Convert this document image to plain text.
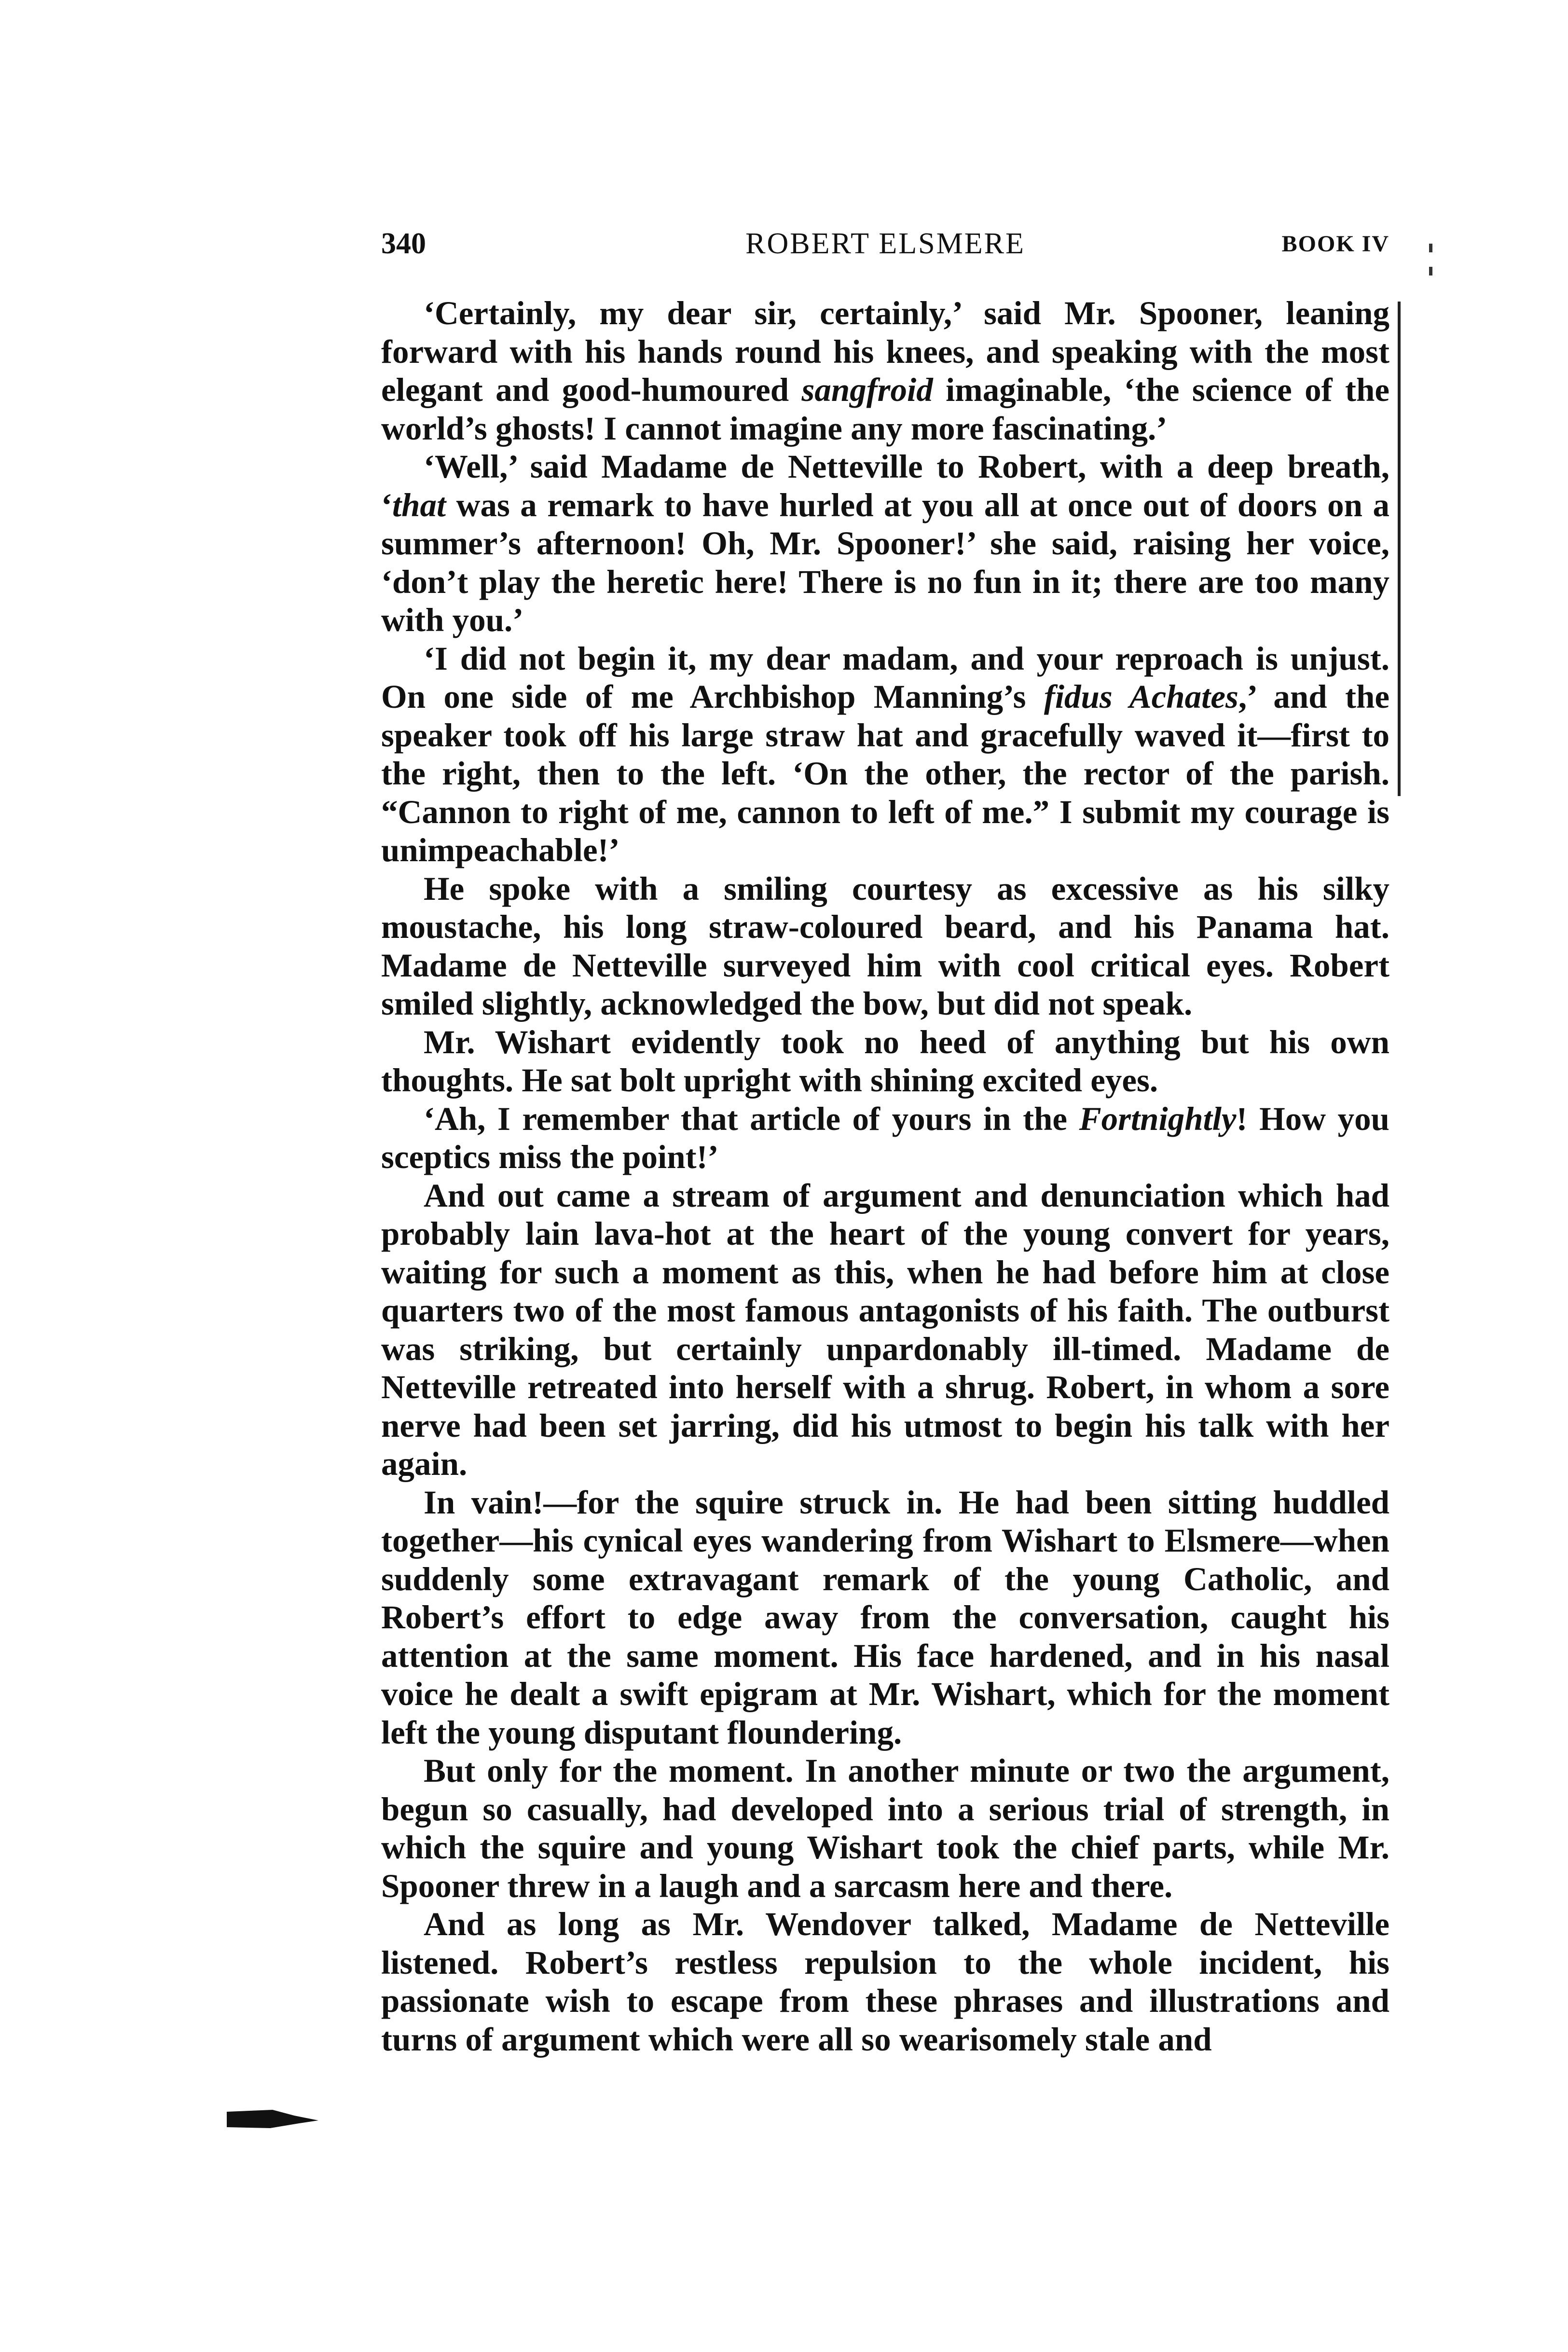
340	ROBERT ELSMERE	BOOK IV

‘Certainly, my dear sir, certainly,’ said Mr. Spooner, leaning forward with his hands round his knees, and speaking with the most elegant and good-humoured sangfroid imaginable, ‘the science of the world’s ghosts! I cannot imagine any more fascinating.’

‘Well,’ said Madame de Netteville to Robert, with a deep breath, ‘that was a remark to have hurled at you all at once out of doors on a summer’s afternoon! Oh, Mr. Spooner!’ she said, raising her voice, ‘don’t play the heretic here! There is no fun in it; there are too many with you.’

‘I did not begin it, my dear madam, and your reproach is unjust. On one side of me Archbishop Manning’s fidus Achates,’ and the speaker took off his large straw hat and gracefully waved it—first to the right, then to the left. ‘On the other, the rector of the parish. “Cannon to right of me, cannon to left of me.” I submit my courage is unimpeachable!’

He spoke with a smiling courtesy as excessive as his silky moustache, his long straw-coloured beard, and his Panama hat. Madame de Netteville surveyed him with cool critical eyes. Robert smiled slightly, acknowledged the bow, but did not speak.

Mr. Wishart evidently took no heed of anything but his own thoughts. He sat bolt upright with shining excited eyes.

‘Ah, I remember that article of yours in the Fortnightly! How you sceptics miss the point!’

And out came a stream of argument and denunciation which had probably lain lava-hot at the heart of the young convert for years, waiting for such a moment as this, when he had before him at close quarters two of the most famous antagonists of his faith. The outburst was striking, but certainly unpardonably ill-timed. Madame de Netteville retreated into herself with a shrug. Robert, in whom a sore nerve had been set jarring, did his utmost to begin his talk with her again.

In vain!—for the squire struck in. He had been sitting huddled together—his cynical eyes wandering from Wishart to Elsmere—when suddenly some extravagant remark of the young Catholic, and Robert’s effort to edge away from the conversation, caught his attention at the same moment. His face hardened, and in his nasal voice he dealt a swift epigram at Mr. Wishart, which for the moment left the young disputant floundering.

But only for the moment. In another minute or two the argument, begun so casually, had developed into a serious trial of strength, in which the squire and young Wishart took the chief parts, while Mr. Spooner threw in a laugh and a sarcasm here and there.

And as long as Mr. Wendover talked, Madame de Netteville listened. Robert’s restless repulsion to the whole incident, his passionate wish to escape from these phrases and illustrations and turns of argument which were all so wearisomely stale and
